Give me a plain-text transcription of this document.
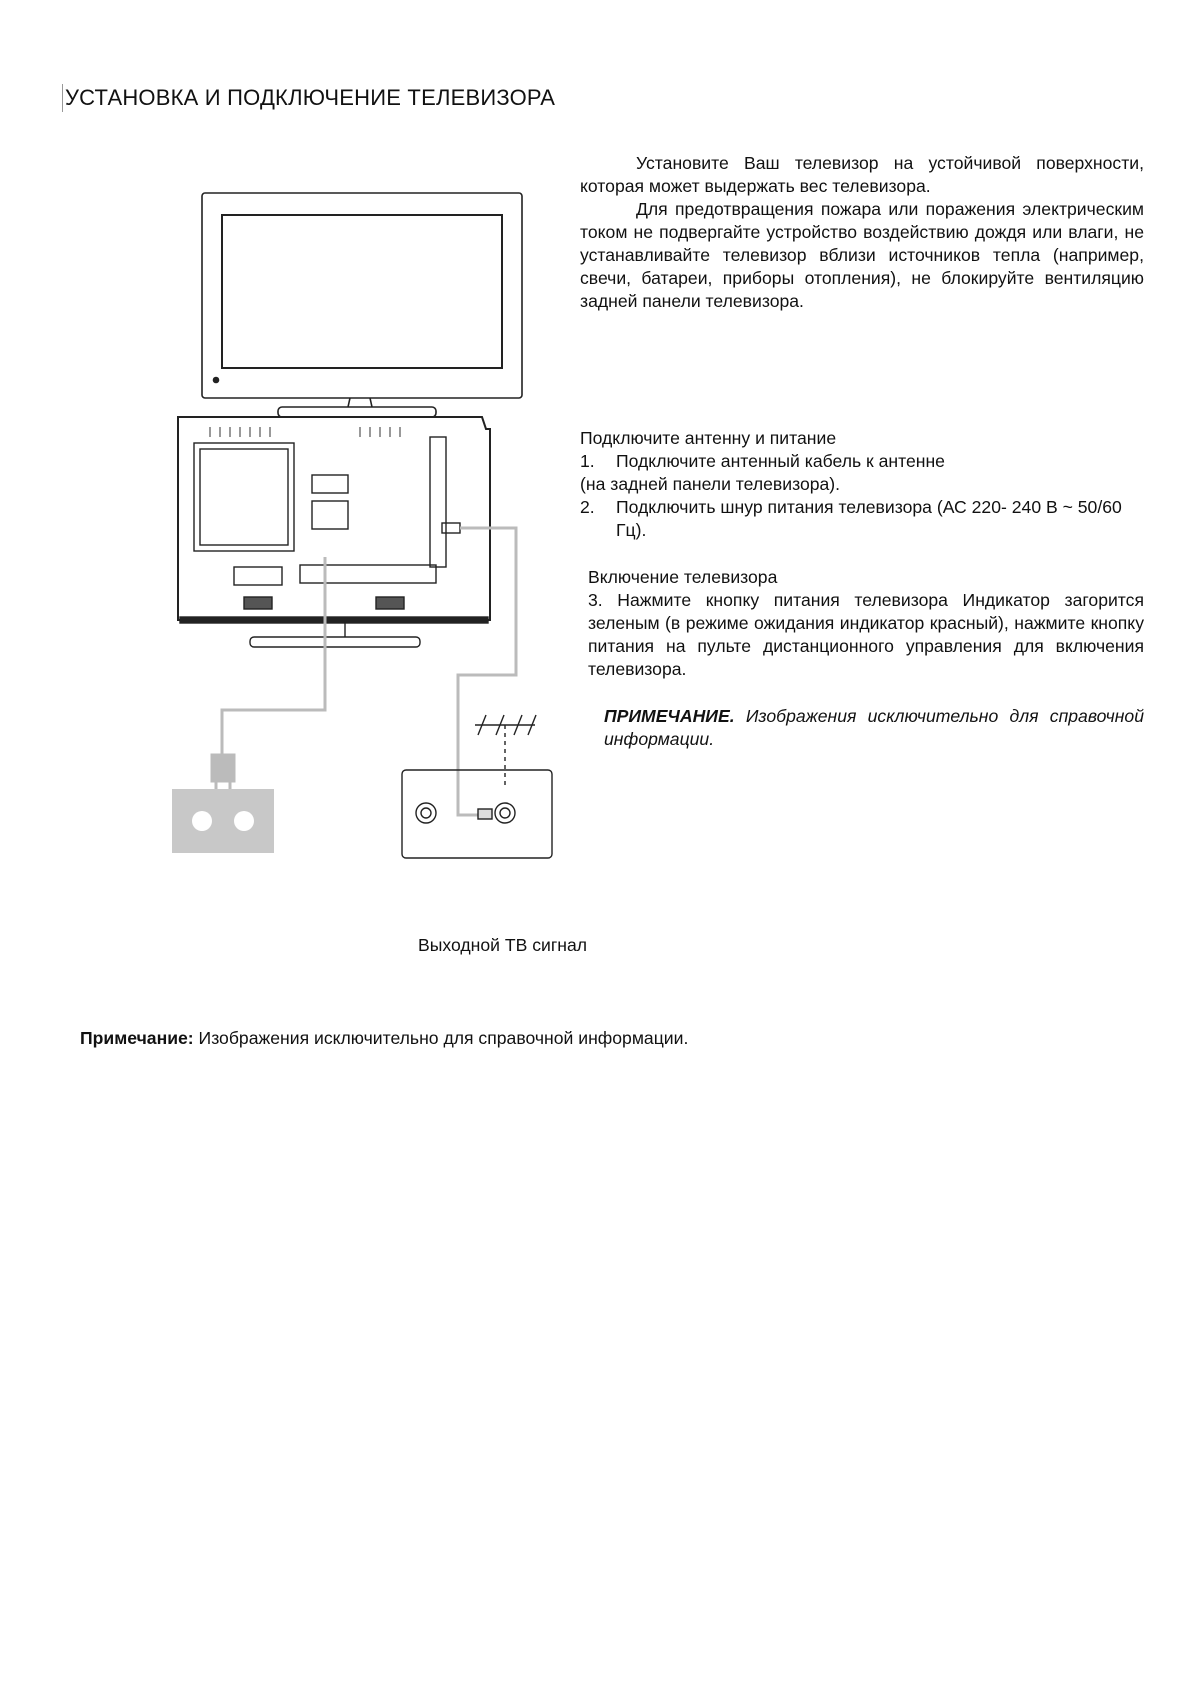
УСТАНОВКА И ПОДКЛЮЧЕНИЕ ТЕЛЕВИЗОРА

Установите Ваш телевизор на устойчивой поверхности, которая может выдержать вес телевизора.

Для предотвращения пожара или поражения электрическим током не подвергайте устройство воздействию дождя или влаги, не устанавливайте телевизор вблизи источников тепла (например, свечи, батареи, приборы отопления), не блокируйте вентиляцию задней панели телевизора.

Подключите антенну и питание

1.	Подключите антенный кабель к антенне

(на задней панели телевизора).

2.	Подключить шнур питания телевизора (АС 220- 240 В ~ 50/60 Гц).

Включение телевизора

3. Нажмите кнопку питания телевизора Индикатор загорится зеленым (в режиме ожидания индикатор красный), нажмите кнопку питания на пульте дистанционного управления для включения телевизора.

ПРИМЕЧАНИЕ. Изображения исключительно для справочной информации.
Выходной ТВ сигнал
Примечание: Изображения исключительно для справочной информации.
